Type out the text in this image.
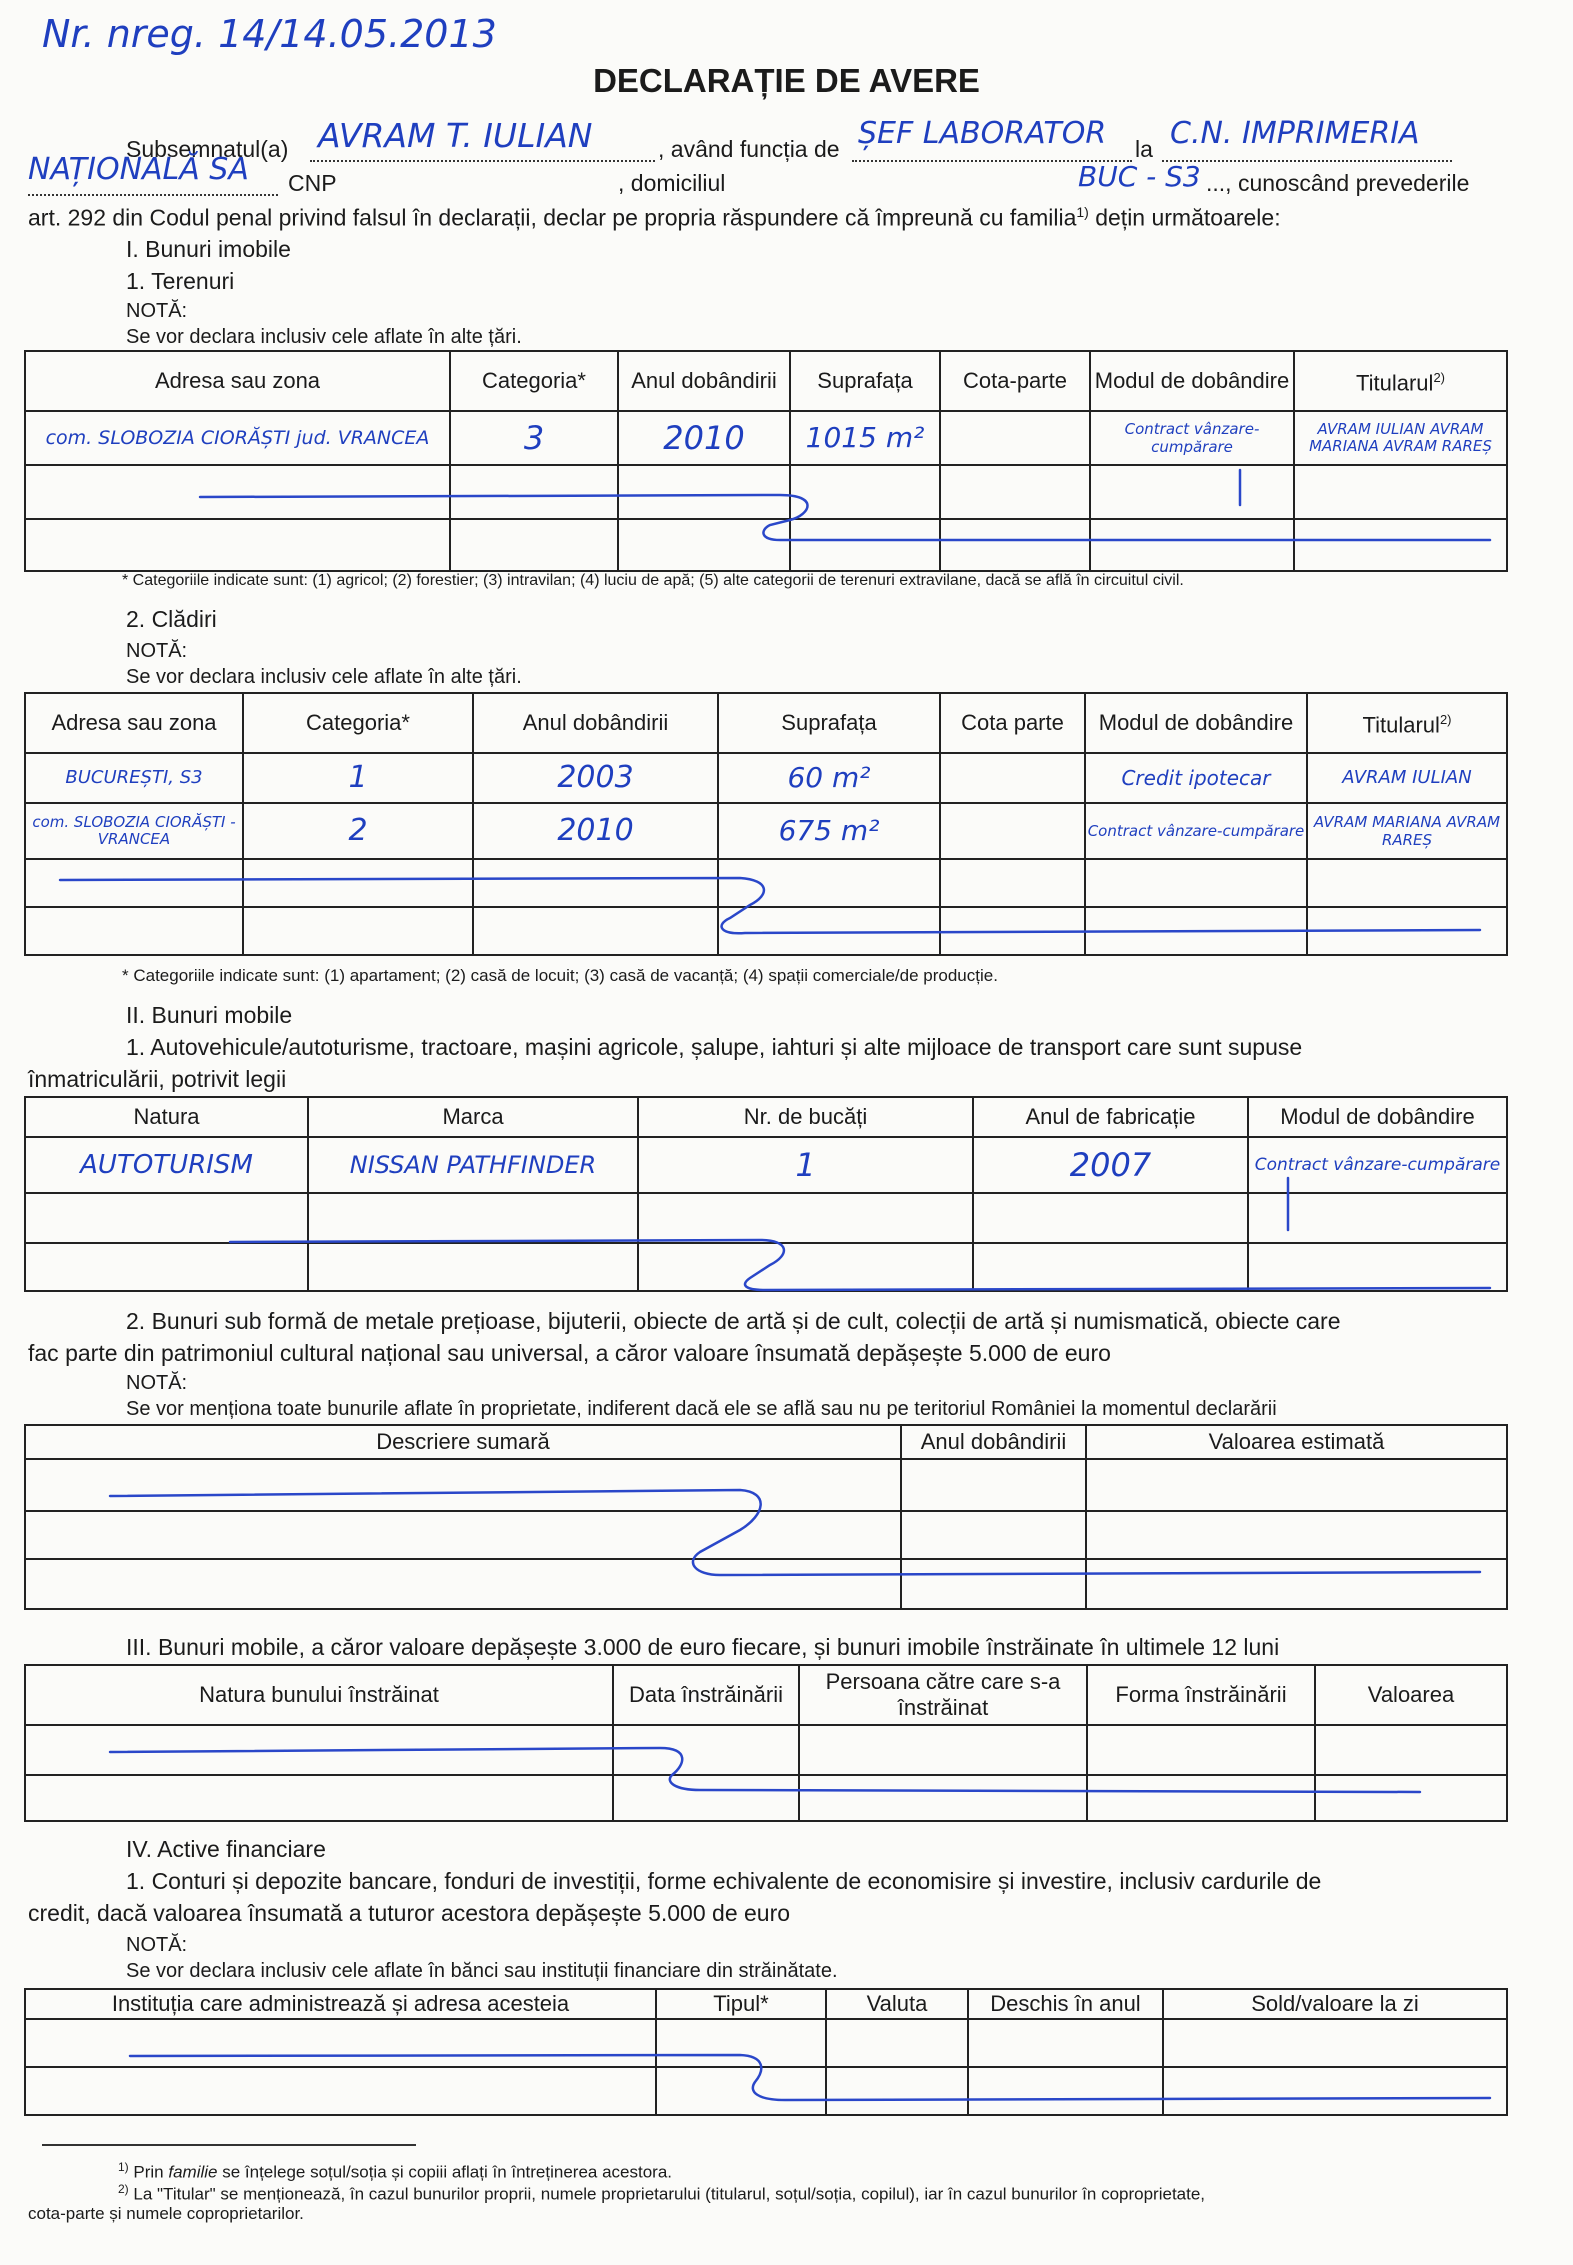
Nr. nreg. 14/14.05.2013
DECLARAȚIE DE AVERE
Subsemnatul(a) AVRAM T. IULIAN	, având funcția de ȘEF LABORATOR la C.N. IMPRIMERIA
NAȚIONALĂ SA CNP	, domiciliul	BUC - S3 ..., cunoscând prevederile
art. 292 din Codul penal privind falsul în declarații, declar pe propria răspundere că împreună cu familia$^{1)}$ dețin următoarele:
I. Bunuri imobile
1. Terenuri
NOTĂ:
Se vor declara inclusiv cele aflate în alte țări.
Adresa sau zona	Categoria*	Anul dobândirii	Suprafața	Cota-parte	Modul de dobândire	Titularul$^{2)}$
com. SLOBOZIA CIORĂȘTI jud. VRANCEA	3	2010	1015 m²		Contract vânzare-cumpărare	AVRAM IULIAN AVRAM MARIANA AVRAM RAREȘ

* Categoriile indicate sunt: (1) agricol; (2) forestier; (3) intravilan; (4) luciu de apă; (5) alte categorii de terenuri extravilane, dacă se află în circuitul civil.
2. Clădiri
NOTĂ:
Se vor declara inclusiv cele aflate în alte țări.
Adresa sau zona	Categoria*	Anul dobândirii	Suprafața	Cota parte	Modul de dobândire	Titularul$^{2)}$
BUCUREȘTI, S3	1	2003	60 m²		Credit ipotecar	AVRAM IULIAN
com. SLOBOZIA CIORĂȘTI - VRANCEA	2	2010	675 m²		Contract vânzare-cumpărare	AVRAM MARIANA AVRAM RAREȘ

* Categoriile indicate sunt: (1) apartament; (2) casă de locuit; (3) casă de vacanță; (4) spații comerciale/de producție.
II. Bunuri mobile
1. Autovehicule/autoturisme, tractoare, mașini agricole, șalupe, iahturi și alte mijloace de transport care sunt supuse
înmatriculării, potrivit legii
Natura	Marca	Nr. de bucăți	Anul de fabricație	Modul de dobândire
AUTOTURISM	NISSAN PATHFINDER	1	2007	Contract vânzare-cumpărare

2. Bunuri sub formă de metale prețioase, bijuterii, obiecte de artă și de cult, colecții de artă și numismatică, obiecte care
fac parte din patrimoniul cultural național sau universal, a căror valoare însumată depășește 5.000 de euro
NOTĂ:
Se vor menționa toate bunurile aflate în proprietate, indiferent dacă ele se află sau nu pe teritoriul României la momentul declarării
Descriere sumară	Anul dobândirii	Valoarea estimată

III. Bunuri mobile, a căror valoare depășește 3.000 de euro fiecare, și bunuri imobile înstrăinate în ultimele 12 luni
Natura bunului înstrăinat	Data înstrăinării	Persoana către care s-a înstrăinat	Forma înstrăinării	Valoarea

IV. Active financiare
1. Conturi și depozite bancare, fonduri de investiții, forme echivalente de economisire și investire, inclusiv cardurile de
credit, dacă valoarea însumată a tuturor acestora depășește 5.000 de euro
NOTĂ:
Se vor declara inclusiv cele aflate în bănci sau instituții financiare din străinătate.
Instituția care administrează și adresa acesteia	Tipul*	Valuta	Deschis în anul	Sold/valoare la zi

$^{1)}$ Prin familie se înțelege soțul/soția și copiii aflați în întreținerea acestora.
$^{2)}$ La "Titular" se menționează, în cazul bunurilor proprii, numele proprietarului (titularul, soțul/soția, copilul), iar în cazul bunurilor în coproprietate,
cota-parte și numele coproprietarilor.
